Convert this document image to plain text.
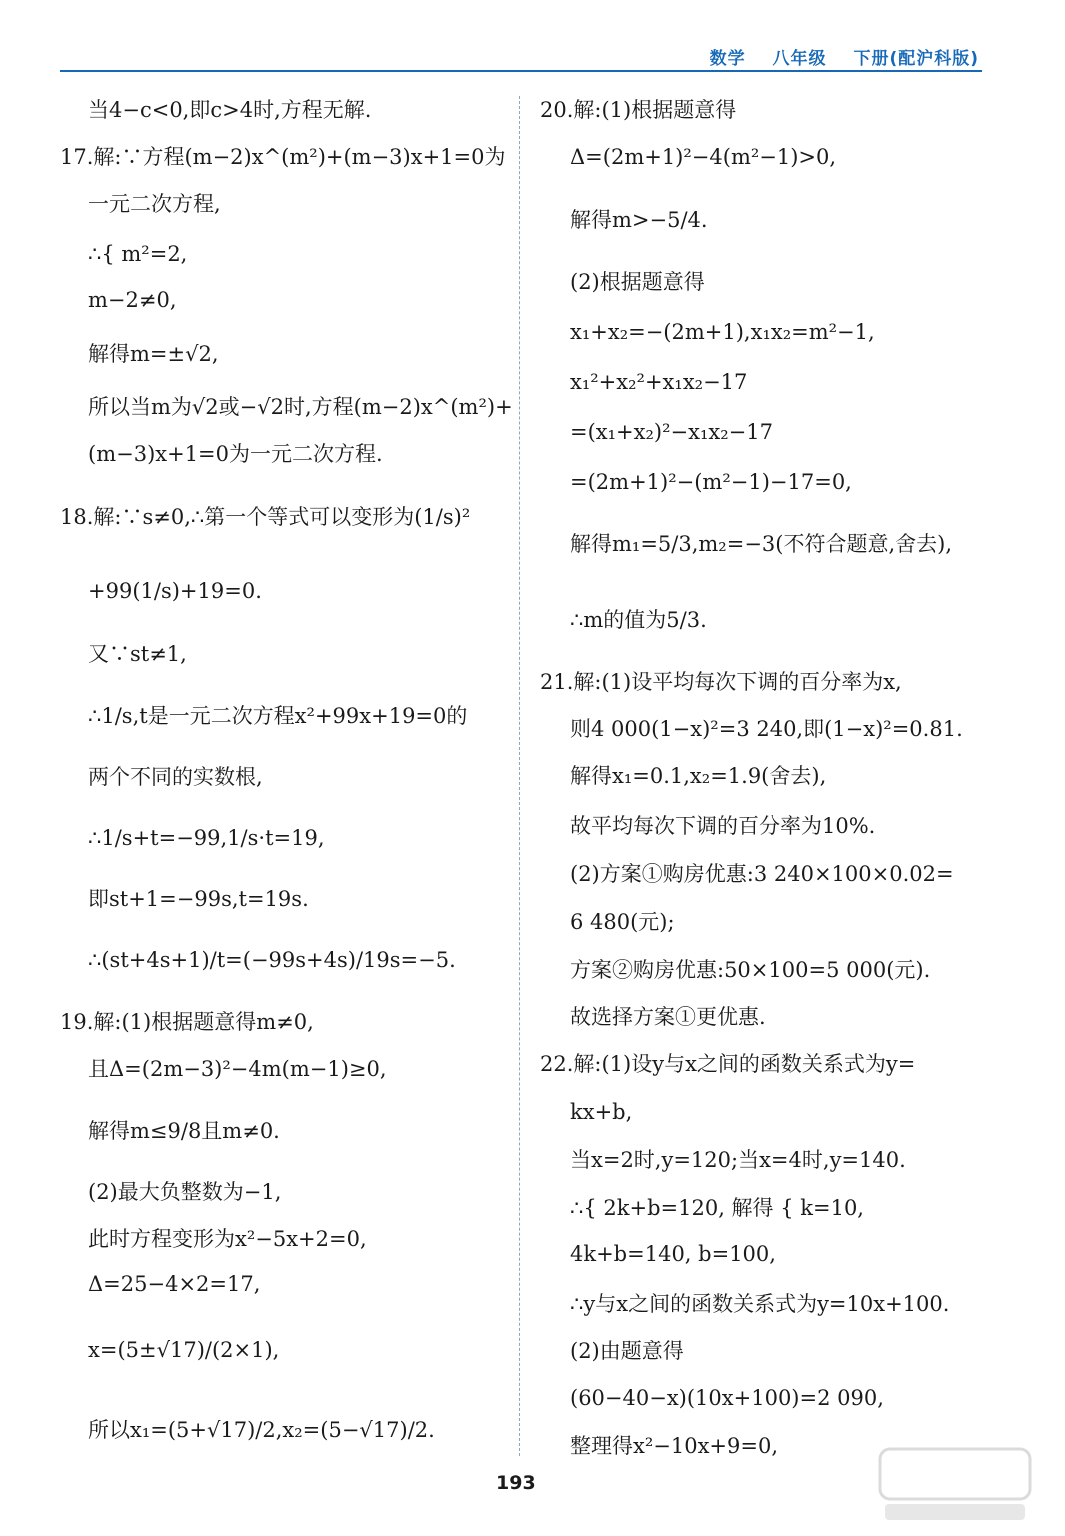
数学 八年级 下册(配沪科版)
当4−c<0,即c>4时,方程无解.
17.解:∵方程(m−2)x^(m²)+(m−3)x+1=0为
一元二次方程,
∴{ m²=2,
m−2≠0,
解得m=±√2,
所以当m为√2或−√2时,方程(m−2)x^(m²)+
(m−3)x+1=0为一元二次方程.
18.解:∵s≠0,∴第一个等式可以变形为(1/s)²
+99(1/s)+19=0.
又∵st≠1,
∴1/s,t是一元二次方程x²+99x+19=0的
两个不同的实数根,
∴1/s+t=−99,1/s·t=19,
即st+1=−99s,t=19s.
∴(st+4s+1)/t=(−99s+4s)/19s=−5.
19.解:(1)根据题意得m≠0,
且Δ=(2m−3)²−4m(m−1)≥0,
解得m≤9/8且m≠0.
(2)最大负整数为−1,
此时方程变形为x²−5x+2=0,
Δ=25−4×2=17,
x=(5±√17)/(2×1),
所以x₁=(5+√17)/2,x₂=(5−√17)/2.
20.解:(1)根据题意得
Δ=(2m+1)²−4(m²−1)>0,
解得m>−5/4.
(2)根据题意得
x₁+x₂=−(2m+1),x₁x₂=m²−1,
x₁²+x₂²+x₁x₂−17
=(x₁+x₂)²−x₁x₂−17
=(2m+1)²−(m²−1)−17=0,
解得m₁=5/3,m₂=−3(不符合题意,舍去),
∴m的值为5/3.
21.解:(1)设平均每次下调的百分率为x,
则4 000(1−x)²=3 240,即(1−x)²=0.81.
解得x₁=0.1,x₂=1.9(舍去),
故平均每次下调的百分率为10%.
(2)方案①购房优惠:3 240×100×0.02=
6 480(元);
方案②购房优惠:50×100=5 000(元).
故选择方案①更优惠.
22.解:(1)设y与x之间的函数关系式为y=
kx+b,
当x=2时,y=120;当x=4时,y=140.
∴{ 2k+b=120, 解得 { k=10,
4k+b=140, b=100,
∴y与x之间的函数关系式为y=10x+100.
(2)由题意得
(60−40−x)(10x+100)=2 090,
整理得x²−10x+9=0,
193
